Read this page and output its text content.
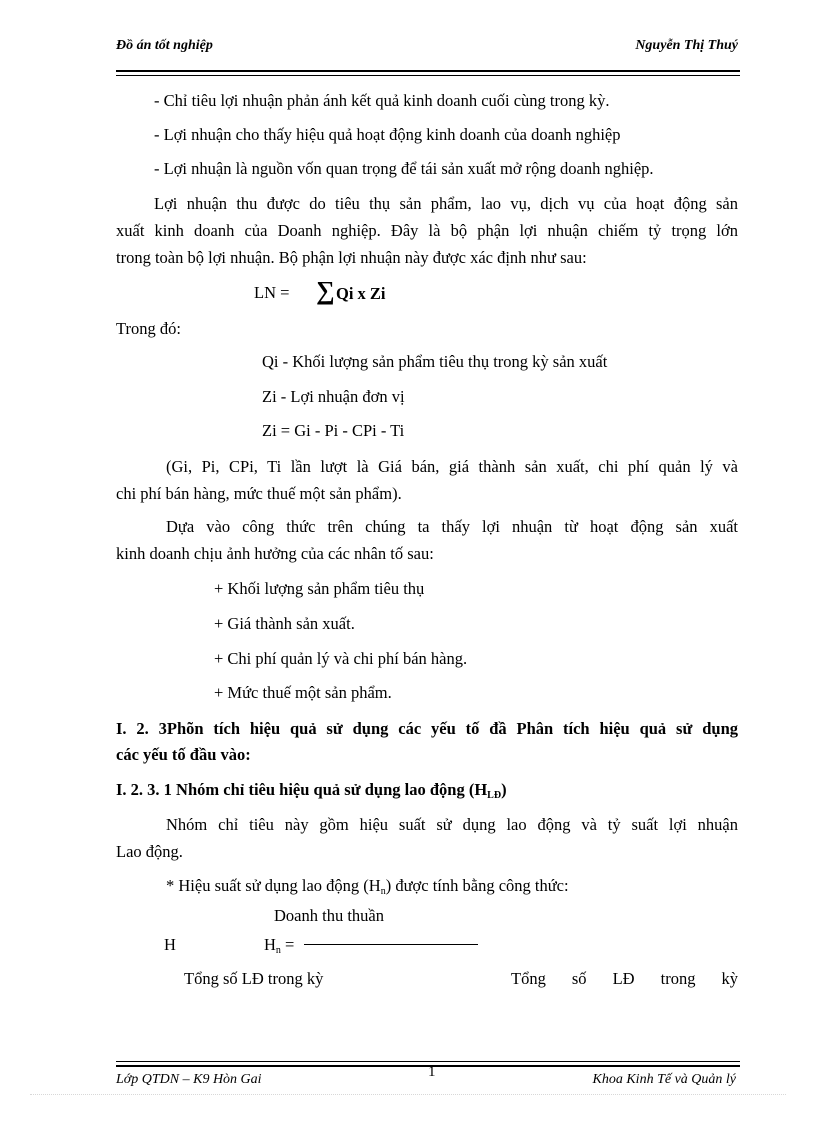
Đồ án tốt nghiệp	Nguyễn Thị Thuý
- Chỉ tiêu lợi nhuận phản ánh kết quả kinh doanh cuối cùng trong kỳ.
- Lợi nhuận cho thấy hiệu quả hoạt động kinh doanh của doanh nghiệp
- Lợi nhuận là nguồn vốn quan trọng để tái sản xuất mở rộng doanh nghiệp.
Lợi nhuận thu được do tiêu thụ sản phẩm, lao vụ, dịch vụ của hoạt động sản
xuất kinh doanh của Doanh nghiệp. Đây là bộ phận lợi nhuận chiếm tỷ trọng lớn
trong toàn bộ lợi nhuận. Bộ phận lợi nhuận này được xác định như sau:
LN = ∑ Qi x Zi
Trong đó:
Qi - Khối lượng sản phẩm tiêu thụ trong kỳ sản xuất
Zi - Lợi nhuận đơn vị
Zi = Gi - Pi - CPi - Ti
(Gi, Pi, CPi, Ti lần lượt là Giá bán, giá thành sản xuất, chi phí quản lý và
chi phí bán hàng, mức thuế một sản phẩm).
Dựa vào công thức trên chúng ta thấy lợi nhuận từ hoạt động sản xuất
kinh doanh chịu ảnh hưởng của các nhân tố sau:
+ Khối lượng sản phẩm tiêu thụ
+ Giá thành sản xuất.
+ Chi phí quản lý và chi phí bán hàng.
+ Mức thuế một sản phẩm.
I. 2. 3Phõn tích hiệu quả sử dụng các yếu tố đầ Phân tích hiệu quả sử dụng
các yếu tố đầu vào:
I. 2. 3. 1 Nhóm chỉ tiêu hiệu quả sử dụng lao động $(H_{LĐ})$
Nhóm chỉ tiêu này gồm hiệu suất sử dụng lao động và tỷ suất lợi nhuận
Lao động.
* Hiệu suất sử dụng lao động $(H_n)$ được tính bằng công thức:
Doanh thu thuần
H	$H_n$ =
Tổng số LĐ trong kỳ	Tổng số LĐ trong kỳ
Lớp QTDN – K9 Hòn Gai	1	Khoa Kinh Tế và Quản lý
